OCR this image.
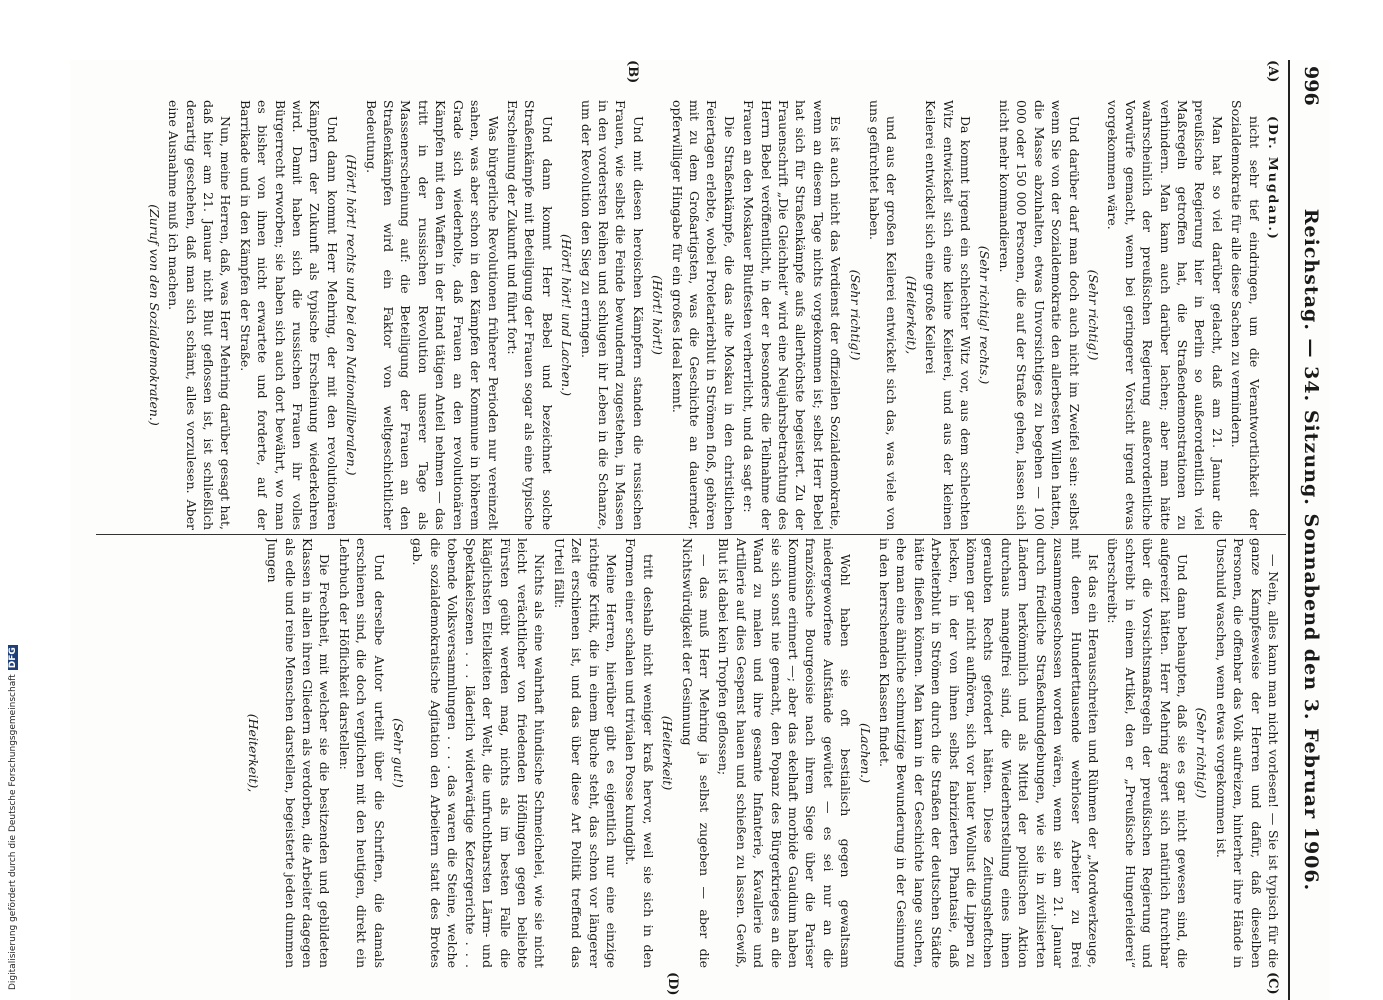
996
Reichstag. — 34. Sitzung. Sonnabend den 3. Februar 1906.
(A)
(B)
(C)
(D)

(Dr. Mugdan.)

nicht sehr tief eindringen, um die Verantwortlichkeit der Sozialdemokratie für alle diese Sachen zu vermindern.

Man hat so viel darüber gelacht, daß am 21. Januar die preußische Regierung hier in Berlin so außerordentlich viel Maßregeln getroffen hat, die Straßendemonstrationen zu verhindern. Man kann auch darüber lachen; aber man hätte wahrscheinlich der preußischen Regierung außerordentliche Vorwürfe gemacht, wenn bei geringerer Vorsicht irgend etwas vorgekommen wäre.

(Sehr richtig!)

Und darüber darf man doch auch nicht im Zweifel sein: selbst wenn Sie von der Sozialdemokratie den allerbesten Willen hatten, die Masse abzuhalten, etwas Unvorsichtiges zu begehen — 100 000 oder 150 000 Personen, die auf der Straße gehen, lassen sich nicht mehr kommandieren.

(Sehr richtig! rechts.)

Da kommt irgend ein schlechter Witz vor, aus dem schlechten Witz entwickelt sich eine kleine Keilerei, und aus der kleinen Keilerei entwickelt sich eine große Keilerei

(Heiterkeit),

und aus der großen Keilerei entwickelt sich das, was viele von uns gefürchtet haben.

(Sehr richtig!)

Es ist auch nicht das Verdienst der offiziellen Sozialdemokratie, wenn an diesem Tage nichts vorgekommen ist; selbst Herr Bebel hat sich für Straßenkämpfe aufs allerhöchste begeistert. Zu der Frauenschrift „Die Gleichheit“ wird eine Neujahrsbetrachtung des Herrn Bebel veröffentlicht, in der er besonders die Teilnahme der Frauen an den Moskauer Blutfesten verherrlicht, und da sagt er:

Die Straßenkämpfe, die das alte Moskau in den christlichen Feiertagen erlebte, wobei Proletarierblut in Strömen floß, gehören mit zu dem Großartigsten, was die Geschichte an dauernder, opferwilliger Hingabe für ein großes Ideal kennt.

(Hört! hört!)

Und mit diesen heroischen Kämpfern standen die russischen Frauen, wie selbst die Feinde bewundernd zugestehen, in Massen in den vordersten Reihen und schlugen ihr Leben in die Schanze, um der Revolution den Sieg zu erringen.

(Hört! hört! und Lachen.)

Und dann kommt Herr Bebel und bezeichnet solche Straßenkämpfe mit Beteiligung der Frauen sogar als eine typische Erscheinung der Zukunft und führt fort:

Was bürgerliche Revolutionen früherer Perioden nur vereinzelt sahen, was aber schon in den Kämpfen der Kommune in höherem Grade sich wiederholte, daß Frauen an den revolutionären Kämpfen mit den Waffen in der Hand tätigen Anteil nehmen — das tritt in der russischen Revolution unserer Tage als Massenerscheinung auf: die Beteiligung der Frauen an den Straßenkämpfen wird ein Faktor von weltgeschichtlicher Bedeutung.

(Hört! hört! rechts und bei den Nationalliberalen.)

Und dann kommt Herr Mehring, der mit den revolutionären Kämpfern der Zukunft als typische Erscheinung wiederkehren wird. Damit haben sich die russischen Frauen ihr volles Bürgerrecht erworben; sie haben sich auch dort bewährt, wo man es bisher von ihnen nicht erwartete und forderte, auf der Barrikade und in den Kämpfen der Straße.

Nun, meine Herren, daß, was Herr Mehring darüber gesagt hat, daß hier am 21. Januar nicht Blut geflossen ist, ist schließlich derartig geschehen, daß man sich schämt, alles vorzulesen. Aber eine Ausnahme muß ich machen.

(Zuruf von den Sozialdemokraten.)

— Nein, alles kann man nicht vorlesen! — Sie ist typisch für die ganze Kampfesweise der Herren und dafür, daß dieselben Personen, die offenbar das Volk aufreizen, hinterher ihre Hände in Unschuld waschen, wenn etwas vorgekommen ist.

(Sehr richtig!)

Und dann behaupten, daß sie es gar nicht gewesen sind, die aufgereizt hätten. Herr Mehring ärgert sich natürlich furchtbar über die Vorsichtsmaßregeln der preußischen Regierung und schreibt in einem Artikel, den er „Preußische Hungerleiderei“ überschreibt:

Ist das ein Herausschreiten und Rühmen der „Mordwerkzeuge, mit denen Hunderttausende wehrloser Arbeiter zu Brei zusammengeschossen worden wären, wenn sie am 21. Januar durch friedliche Straßenkundgebungen, wie sie in zivilisierten Ländern herkömmlich und als Mittel der politischen Aktion durchaus mangelfrei sind, die Wiederherstellung eines ihnen geraubten Rechts gefordert hätten. Diese Zeitungsheftchen können gar nicht aufhören, sich vor lauter Wollust die Lippen zu lecken, in der von ihnen selbst fabrizierten Phantasie, daß Arbeiterblut in Strömen durch die Straßen der deutschen Städte hätte fließen können. Man kann in der Geschichte lange suchen, ehe man eine ähnliche schmutzige Bewunderung in der Gesinnung in den herrschenden Klassen findet.

(Lachen.)

Wohl haben sie oft bestialisch gegen gewaltsam niedergeworfene Aufstände gewütet — es sei nur an die französische Bourgeoisie nach ihrem Siege über die Pariser Kommune erinnert —; aber das ekelhaft morbide Gaudium haben sie sich sonst nie gemacht, den Popanz des Bürgerkrieges an die Wand zu malen und ihre gesamte Infanterie, Kavallerie und Artillerie auf dies Gespenst hauen und schießen zu lassen. Gewiß, Blut ist dabei kein Tropfen geflossen;

— das muß Herr Mehring ja selbst zugeben — aber die Nichtswürdigkeit der Gesinnung

(Heiterkeit)

tritt deshalb nicht weniger kraß hervor, weil sie sich in den Formen einer schalen und trivialen Posse kundgibt.

Meine Herren, hierüber gibt es eigentlich nur eine einzige richtige Kritik, die in einem Buche steht, das schon vor längerer Zeit erschienen ist, und das über diese Art Politik treffend das Urteil fällt:

Nichts als eine wahrhaft hündische Schmeichelei, wie sie nicht leicht verächtlicher von friedenden Höflingen gegen beliebte Fürsten geübt werden mag, nichts als im besten Falle die kläglichsten Eitelkeiten der Welt, die unfruchtbarsten Lärm- und Spektakelszenen . . . läderlich widerwärtige Ketzergerichte . . . tobende Volksversammlungen . . . . das waren die Steine, welche die sozialdemokratische Agitation den Arbeitern statt des Brotes gab.

(Sehr gut!)

Und derselbe Autor urteilt über die Schriften, die damals erschienen sind, die doch verglichen mit den heutigen, direkt ein Lehrbuch der Höflichkeit darstellen:

Die Frechheit, mit welcher sie die besitzenden und gebildeten Klassen in allen ihren Gliedern als verdorben, die Arbeiter dagegen als edle und reine Menschen darstellen, begeisterte jeden dummen Jungen

(Heiterkeit),

Digitalisierung gefördert durch die Deutsche ForschungsgemeinschaftDFG
